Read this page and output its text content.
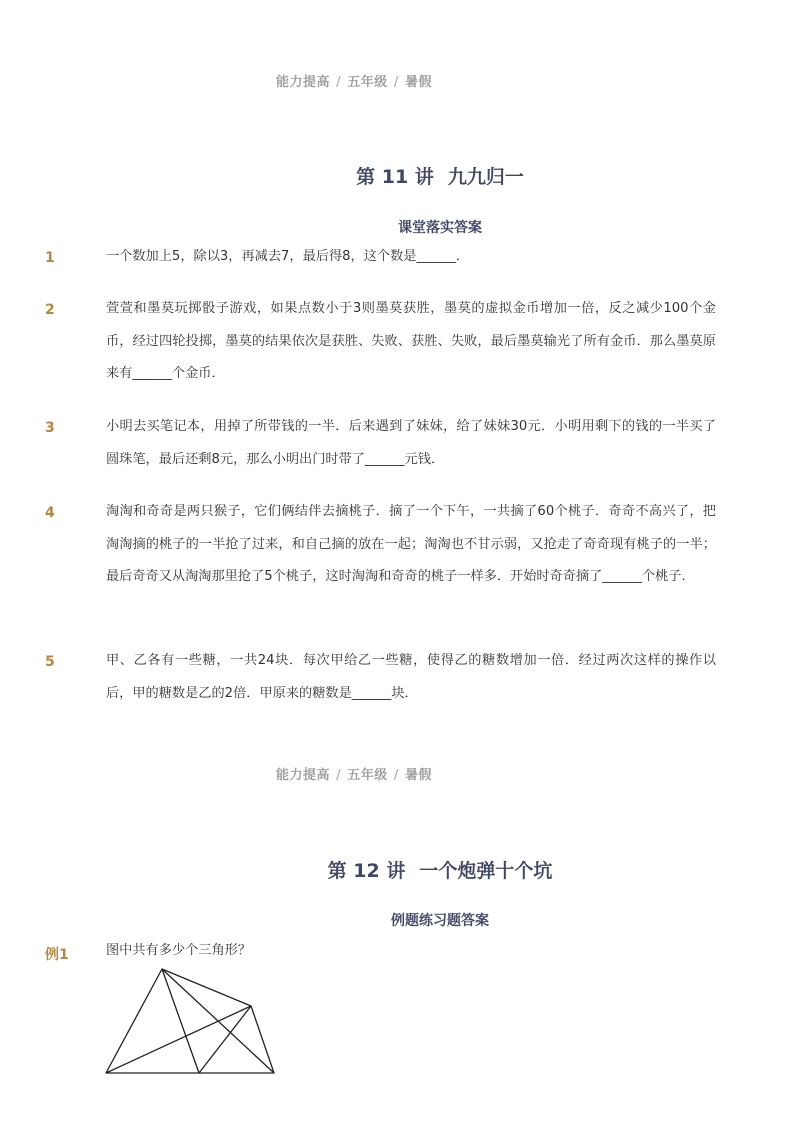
能力提高 / 五年级 / 暑假
第 11 讲 九九归一
课堂落实答案
1	一个数加上5，除以3，再减去7，最后得8，这个数是______．
2	萱萱和墨莫玩掷骰子游戏，如果点数小于3则墨莫获胜，墨莫的虚拟金币增加一倍，反之减少100个金币，经过四轮投掷，墨莫的结果依次是获胜、失败、获胜、失败，最后墨莫输光了所有金币．那么墨莫原来有______个金币．
3	小明去买笔记本，用掉了所带钱的一半．后来遇到了妹妹，给了妹妹30元．小明用剩下的钱的一半买了圆珠笔，最后还剩8元，那么小明出门时带了______元钱．
4	淘淘和奇奇是两只猴子，它们俩结伴去摘桃子．摘了一个下午，一共摘了60个桃子．奇奇不高兴了，把淘淘摘的桃子的一半抢了过来，和自己摘的放在一起；淘淘也不甘示弱，又抢走了奇奇现有桃子的一半；最后奇奇又从淘淘那里抢了5个桃子，这时淘淘和奇奇的桃子一样多．开始时奇奇摘了______个桃子．
5	甲、乙各有一些糖，一共24块．每次甲给乙一些糖，使得乙的糖数增加一倍．经过两次这样的操作以后，甲的糖数是乙的2倍．甲原来的糖数是______块．
能力提高 / 五年级 / 暑假
第 12 讲 一个炮弹十个坑
例题练习题答案
例1	图中共有多少个三角形？
